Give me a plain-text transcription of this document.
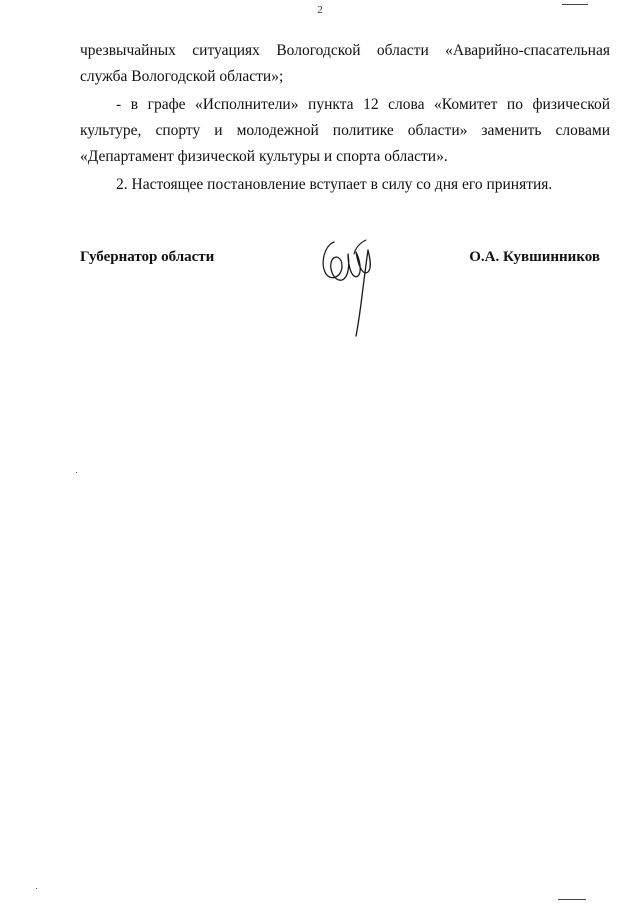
2

чрезвычайных ситуациях Вологодской области «Аварийно-спасательная служба Вологодской области»;

- в графе «Исполнители» пункта 12 слова «Комитет по физической культуре, спорту и молодежной политике области» заменить словами «Департамент физической культуры и спорта области».

2. Настоящее постановление вступает в силу со дня его принятия.

Губернатор области	О.А. Кувшинников
